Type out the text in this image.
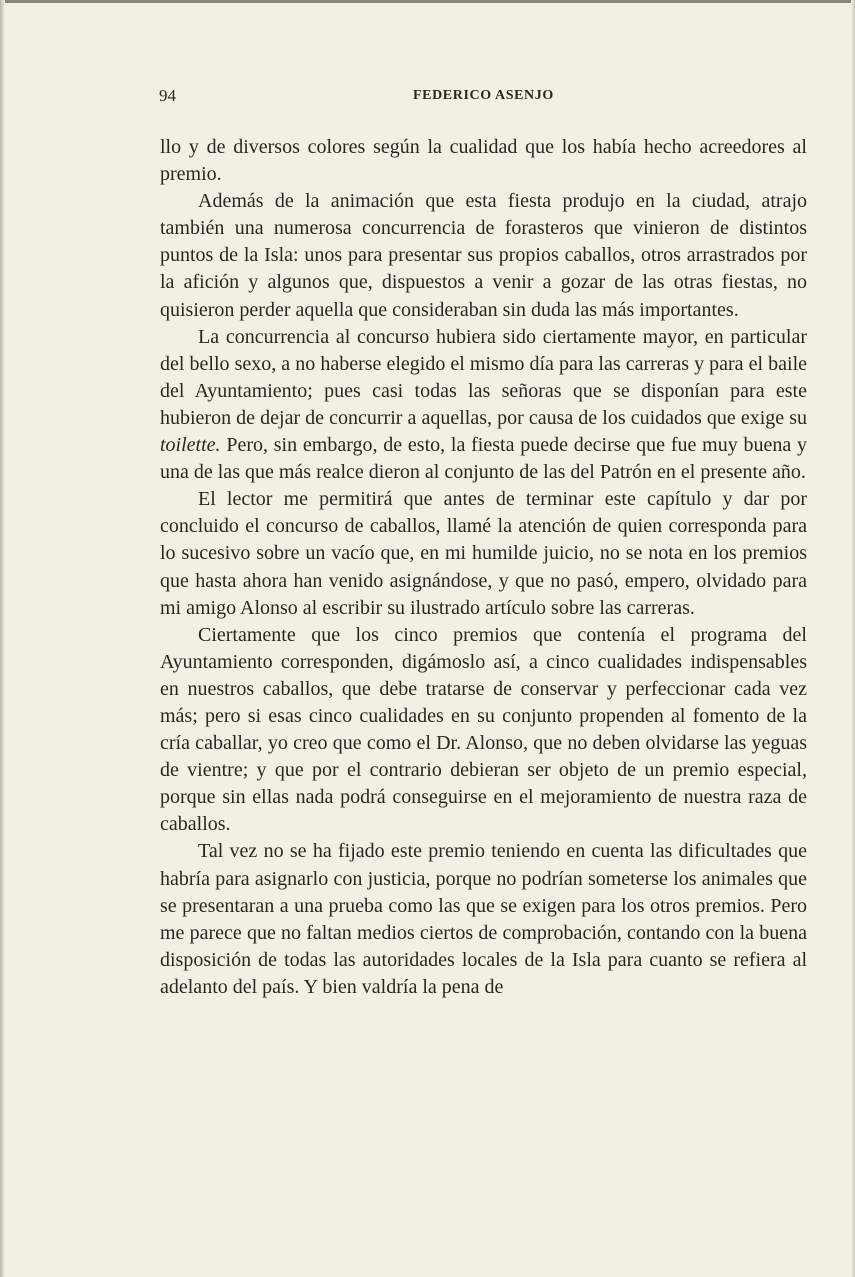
94	FEDERICO ASENJO

llo y de diversos colores según la cualidad que los había hecho acreedores al premio.

Además de la animación que esta fiesta produjo en la ciudad, atrajo también una numerosa concurrencia de forasteros que vinieron de distintos puntos de la Isla: unos para presentar sus propios caballos, otros arrastrados por la afición y algunos que, dispuestos a venir a gozar de las otras fiestas, no quisieron perder aquella que consideraban sin duda las más importantes.

La concurrencia al concurso hubiera sido ciertamente mayor, en particular del bello sexo, a no haberse elegido el mismo día para las carreras y para el baile del Ayuntamiento; pues casi todas las señoras que se disponían para este hubieron de dejar de concurrir a aquellas, por causa de los cuidados que exige su toilette. Pero, sin embargo, de esto, la fiesta puede decirse que fue muy buena y una de las que más realce dieron al conjunto de las del Patrón en el presente año.

El lector me permitirá que antes de terminar este capítulo y dar por concluido el concurso de caballos, llamé la atención de quien corresponda para lo sucesivo sobre un vacío que, en mi humilde juicio, no se nota en los premios que hasta ahora han venido asignándose, y que no pasó, empero, olvidado para mi amigo Alonso al escribir su ilustrado artículo sobre las carreras.

Ciertamente que los cinco premios que contenía el programa del Ayuntamiento corresponden, digámoslo así, a cinco cualidades indispensables en nuestros caballos, que debe tratarse de conservar y perfeccionar cada vez más; pero si esas cinco cualidades en su conjunto propenden al fomento de la cría caballar, yo creo que como el Dr. Alonso, que no deben olvidarse las yeguas de vientre; y que por el contrario debieran ser objeto de un premio especial, porque sin ellas nada podrá conseguirse en el mejoramiento de nuestra raza de caballos.

Tal vez no se ha fijado este premio teniendo en cuenta las dificultades que habría para asignarlo con justicia, porque no podrían someterse los animales que se presentaran a una prueba como las que se exigen para los otros premios. Pero me parece que no faltan medios ciertos de comprobación, contando con la buena disposición de todas las autoridades locales de la Isla para cuanto se refiera al adelanto del país. Y bien valdría la pena de
